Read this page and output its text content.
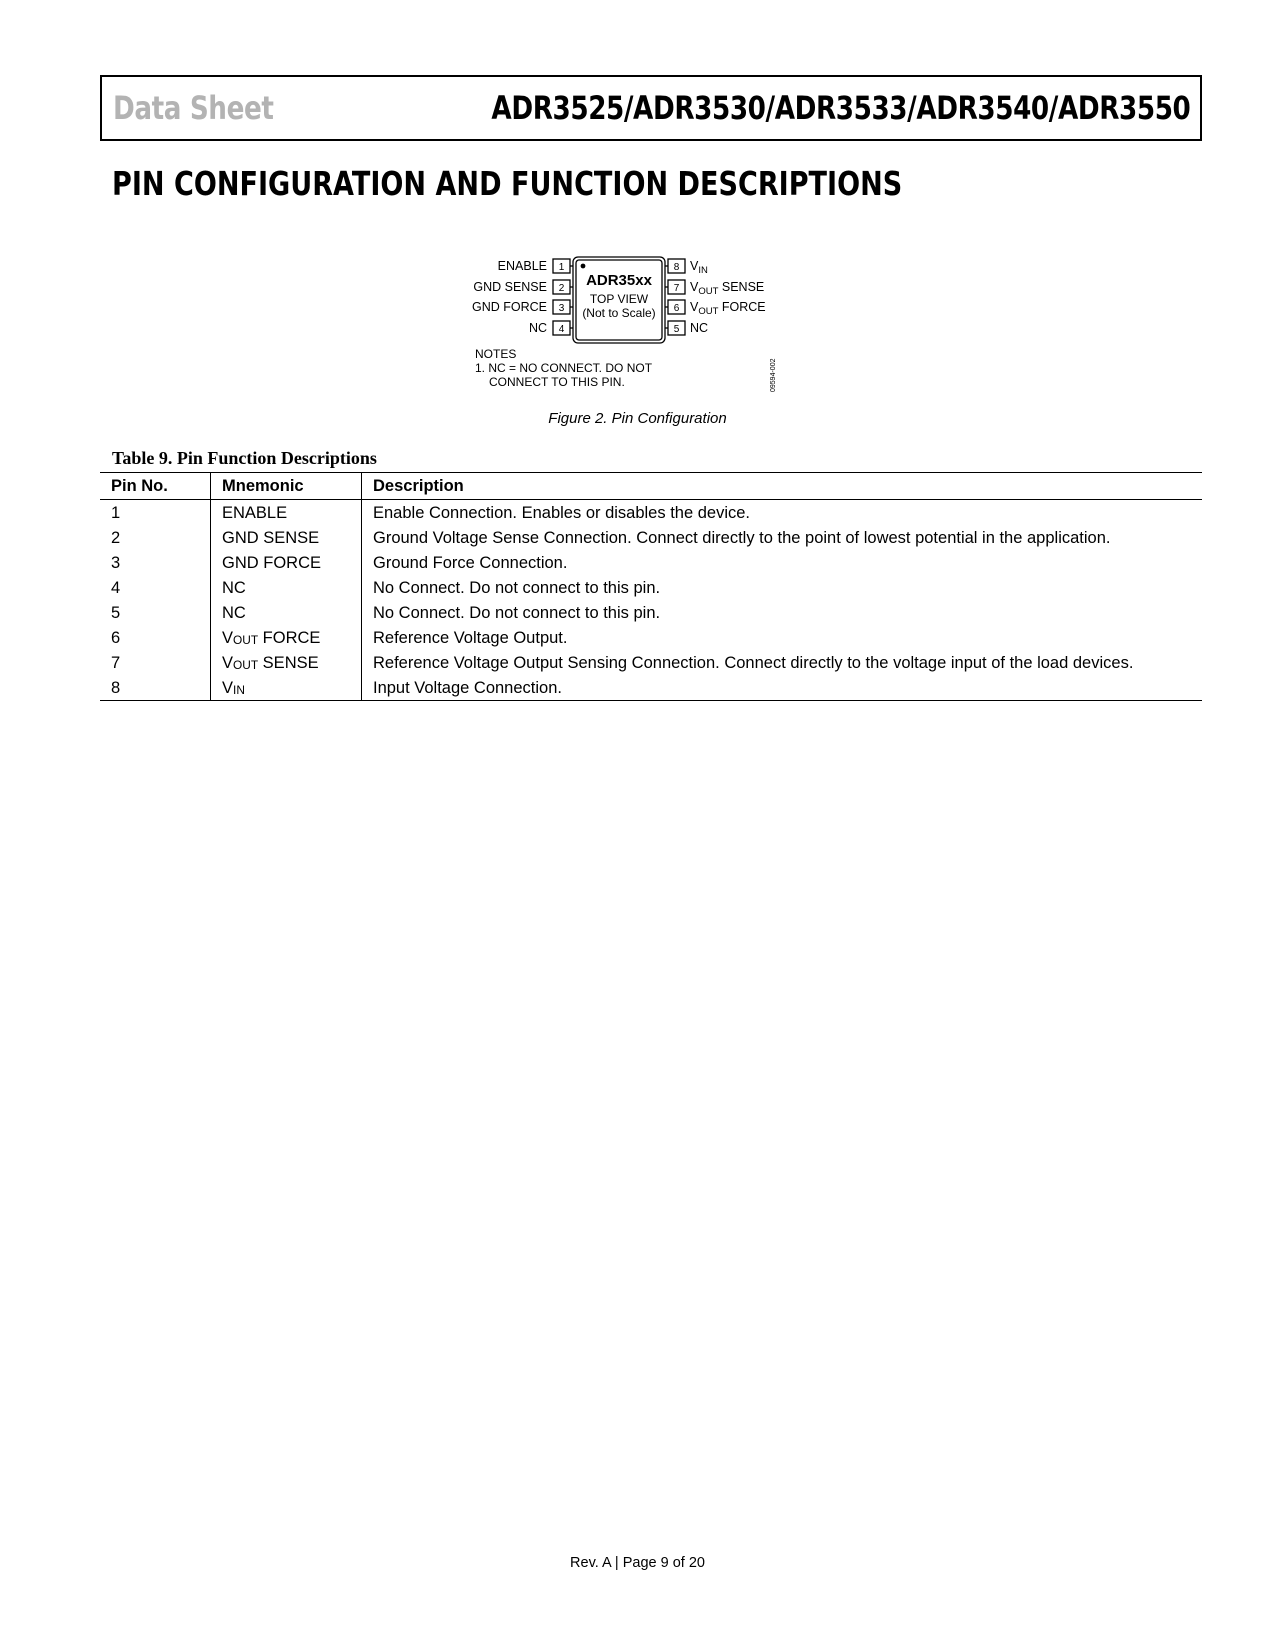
Data Sheet	ADR3525/ADR3530/ADR3533/ADR3540/ADR3550
PIN CONFIGURATION AND FUNCTION DESCRIPTIONS
ADR35xx
TOP VIEW
(Not to Scale)
1
ENABLE
2
GND SENSE
3
GND FORCE
4
NC
8 $V_{IN}$
7 $V_{OUT}$ SENSE
6 $V_{OUT}$ FORCE
5 NC
NOTES
1. NC = NO CONNECT. DO NOT
CONNECT TO THIS PIN.	09594-002
Figure 2. Pin Configuration
Table 9. Pin Function Descriptions
Pin No.	Mnemonic	Description
1	ENABLE	Enable Connection. Enables or disables the device.
2	GND SENSE	Ground Voltage Sense Connection. Connect directly to the point of lowest potential in the application.
3	GND FORCE	Ground Force Connection.
4	NC	No Connect. Do not connect to this pin.
5	NC	No Connect. Do not connect to this pin.
6	VOUT FORCE	Reference Voltage Output.
7	VOUT SENSE	Reference Voltage Output Sensing Connection. Connect directly to the voltage input of the load devices.
8	VIN	Input Voltage Connection.
Rev. A | Page 9 of 20
